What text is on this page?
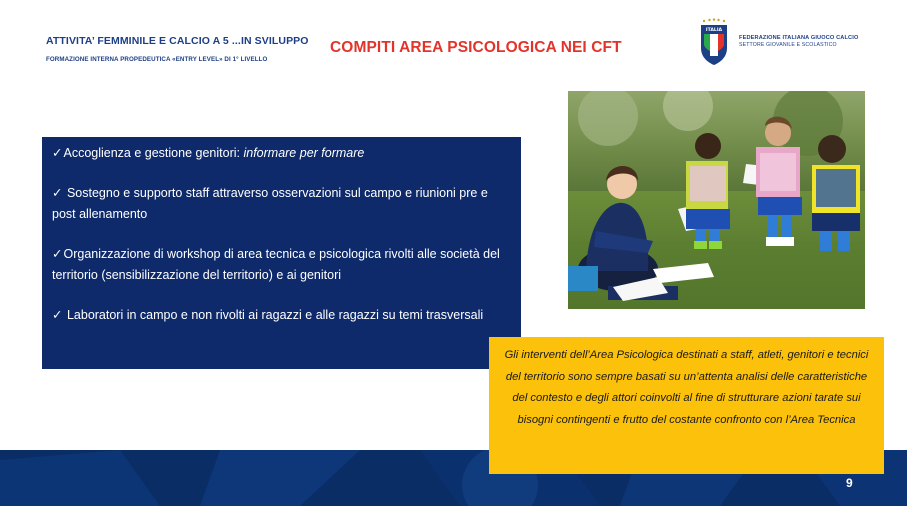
ATTIVITA’ FEMMINILE E CALCIO A 5 ...IN SVILUPPO
FORMAZIONE INTERNA PROPEDEUTICA «ENTRY LEVEL» DI 1° LIVELLO
COMPITI AREA PSICOLOGICA NEI CFT
ITALIA
FEDERAZIONE ITALIANA GIUOCO CALCIO
SETTORE GIOVANILE E SCOLASTICO
✓Accoglienza e gestione genitori: informare per formare
✓ Sostegno e supporto staff attraverso osservazioni sul campo e riunioni pre e post allenamento
✓Organizzazione di workshop di area tecnica e psicologica rivolti alle società del territorio (sensibilizzazione del territorio) e ai genitori
✓ Laboratori in campo e non rivolti ai ragazzi e alle ragazzi su temi trasversali
Gli interventi dell’Area Psicologica destinati a staff, atleti, genitori e tecnici del territorio sono sempre basati su un’attenta analisi delle caratteristiche del contesto e degli attori coinvolti al fine di strutturare azioni tarate sui bisogni contingenti e frutto del costante confronto con l’Area Tecnica
9
